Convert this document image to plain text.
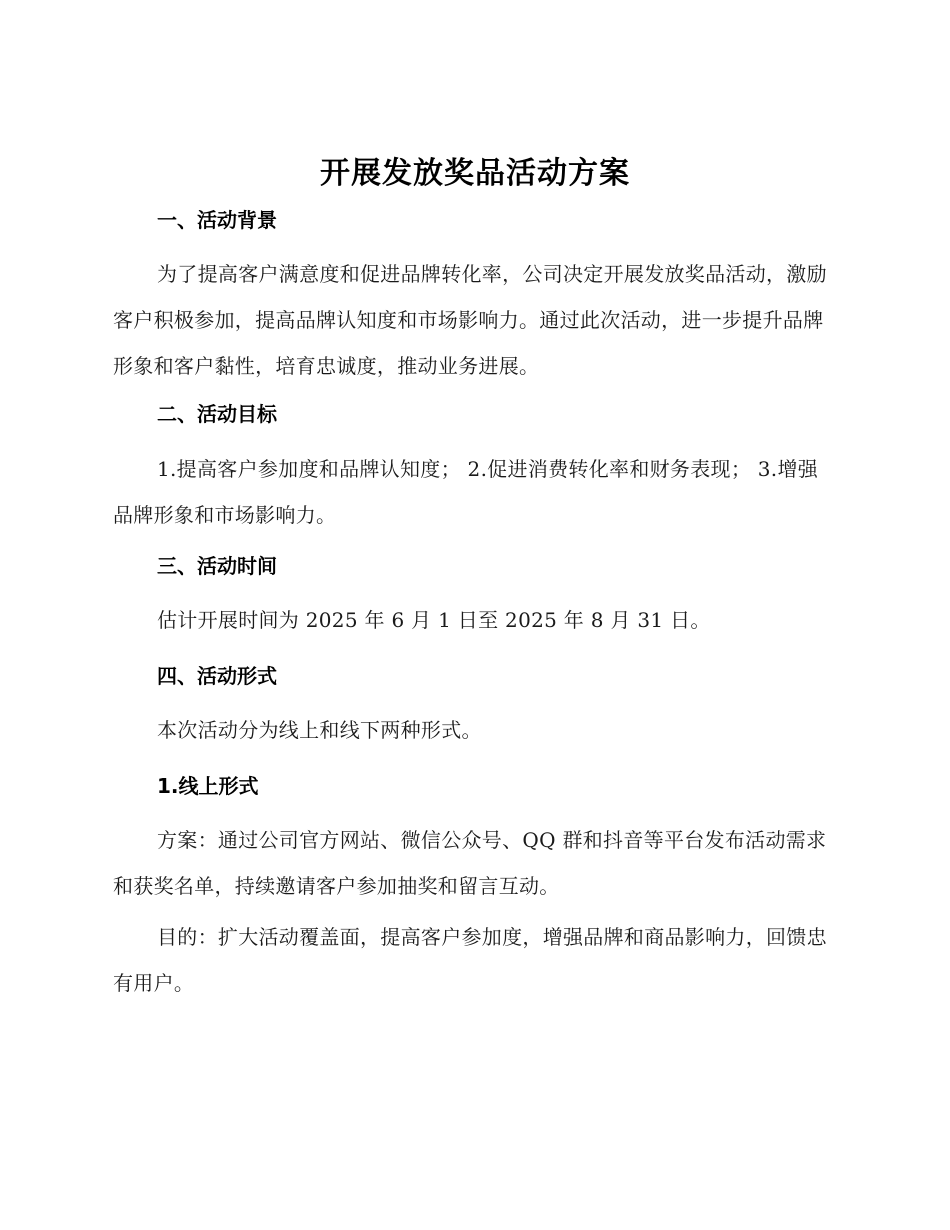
开展发放奖品活动方案
一、活动背景
为了提高客户满意度和促进品牌转化率，公司决定开展发放奖品活动，激励客户积极参加，提高品牌认知度和市场影响力。通过此次活动，进一步提升品牌形象和客户黏性，培育忠诚度，推动业务进展。
二、活动目标
1.提高客户参加度和品牌认知度； 2.促进消费转化率和财务表现； 3.增强品牌形象和市场影响力。
三、活动时间
估计开展时间为 2025 年 6 月 1 日至 2025 年 8 月 31 日。
四、活动形式
本次活动分为线上和线下两种形式。
1.线上形式
方案：通过公司官方网站、微信公众号、QQ 群和抖音等平台发布活动需求和获奖名单，持续邀请客户参加抽奖和留言互动。
目的：扩大活动覆盖面，提高客户参加度，增强品牌和商品影响力，回馈忠有用户。
